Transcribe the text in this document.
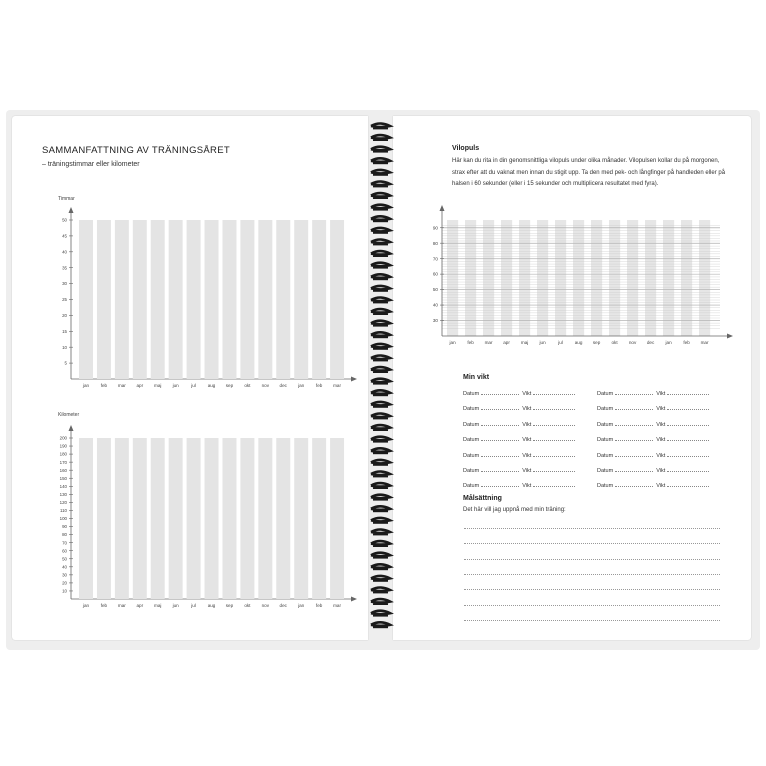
SAMMANFATTNING AV TRÄNINGSÅRET
– träningstimmar eller kilometer
Timmar
jan	feb mar apr maj jun	jul	aug sep okt nov dec jan	feb mar
5
10
15
20
25
30
35
40
45
50
Kilometer
jan	feb mar apr maj jun	jul	aug sep okt nov dec jan	feb mar
10
20
30
40
50
60
70
80
90
100
110
120
130
140
150
160
170
180
190
200
Vilopuls
Här kan du rita in din genomsnittliga vilopuls under olika månader. Vilopulsen kollar du på morgonen, strax efter att du vaknat men innan du stigit upp. Ta den med pek- och långfinger på handleden eller på halsen i 60 sekunder (eller i 15 sekunder och multiplicera resultatet med fyra).
jan	feb mar apr maj jun	jul	aug sep okt nov dec jan	feb mar
30
40
50
60
70
80
90
Min vikt
Datum	Vikt	Datum	Vikt
Datum	Vikt	Datum	Vikt
Datum	Vikt	Datum	Vikt
Datum	Vikt	Datum	Vikt
Datum	Vikt	Datum	Vikt
Datum	Vikt	Datum	Vikt
Datum	Vikt	Datum	Vikt
Målsättning
Det här vill jag uppnå med min träning:
